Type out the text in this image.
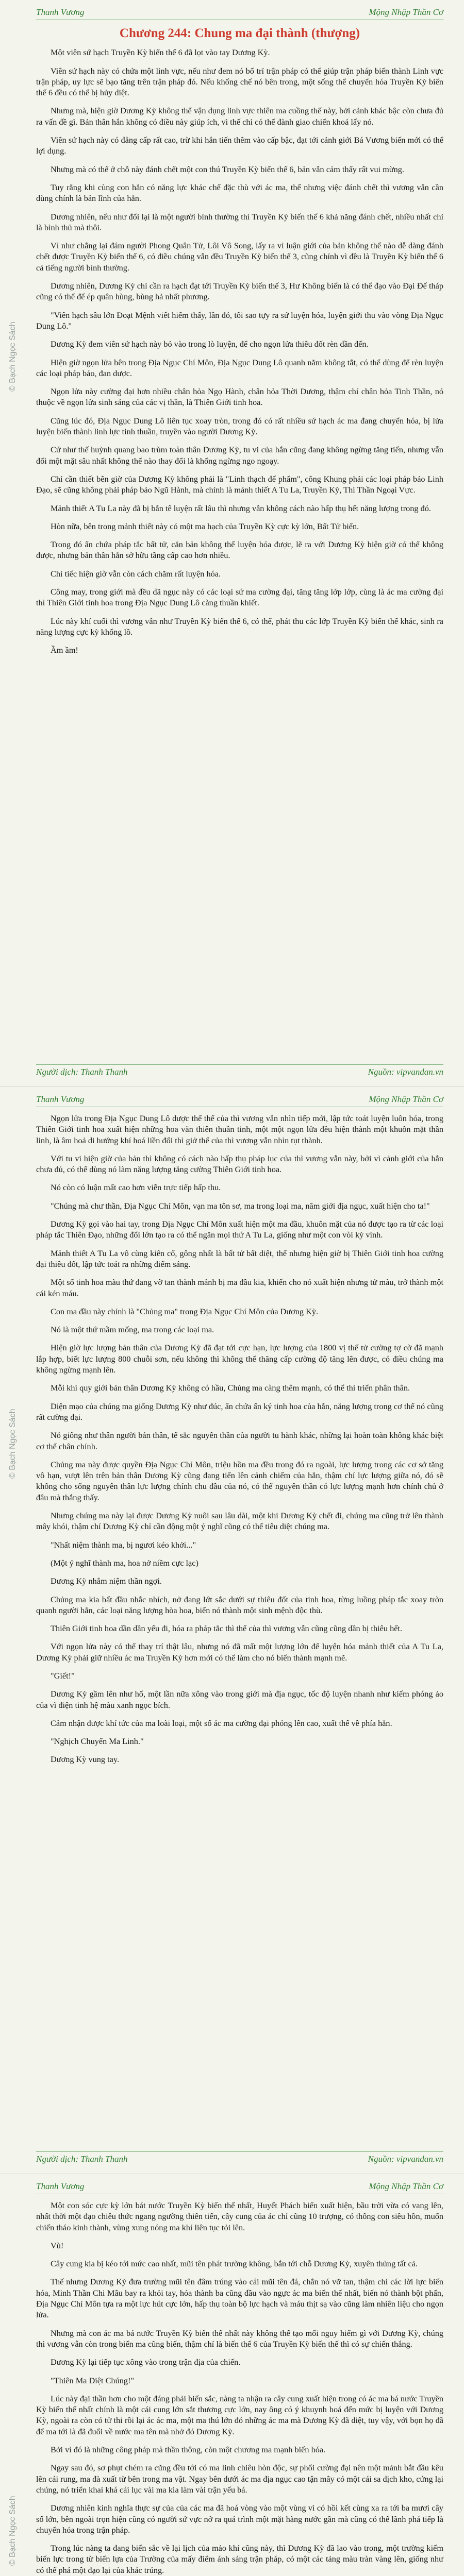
Thanh Vương	Mộng Nhập Thần Cơ
© Bạch Ngọc Sách
Chương 244: Chung ma đại thành (thượng)

Một viên sứ hạch Truyền Kỳ biến thế 6 đã lọt vào tay Dương Kỳ.

Viên sứ hạch này có chứa một linh vực, nếu như đem nó bổ trí trận pháp có thể giúp trận pháp biến thành Linh vực trận pháp, uy lực sẽ bạo tăng trên trận pháp đó. Nếu khống chế nó bên trong, một sống thể chuyển hóa Truyền Kỳ biến thế 6 đều có thể bị hủy diệt.

Nhưng mà, hiện giờ Dương Kỳ không thể vận dụng linh vực thiên ma cuồng thế này, bởi cảnh khác bậc còn chưa đủ ra vấn đề gì. Bản thân hắn không có điều này giúp ích, vì thế chỉ có thể đành giao chiến khoá lấy nó.

Viên sứ hạch này có đẳng cấp rất cao, trừ khi hắn tiến thêm vào cấp bậc, đạt tới cảnh giới Bá Vương biến mới có thể lợi dụng.

Nhưng mà có thể ở chỗ này đánh chết một con thú Truyền Kỳ biến thế 6, bản vẫn cảm thấy rất vui mừng.

Tuy rằng khi cùng con hắn có năng lực khác chế đặc thù với ác ma, thế nhưng việc đánh chết thì vương vẫn cần dùng chính là bản lĩnh của hắn.

Dương nhiên, nếu như đổi lại là một người bình thường thì Truyền Kỳ biến thế 6 khả năng đánh chết, nhiều nhất chỉ là bình thủ mà thôi.

Vì như chẳng lại đám người Phong Quân Tử, Lôi Vô Song, lấy ra vì luận giới của bản không thể nào dễ dàng đánh chết được Truyền Kỳ biến thế 6, có điều chúng vẫn đều Truyền Kỳ biến thế 3, cũng chính vì đều là Truyền Kỳ biến thế 6 cả tiếng người bình thường.

Dương nhiên, Dương Kỳ chỉ cần ra hạch đạt tới Truyền Kỳ biến thế 3, Hư Không biến là có thể đạo vào Đại Đế tháp cũng có thể để ép quân hùng, bùng hả nhất phương.

"Viên hạch sâu lớn Đoạt Mệnh viết hiểm thấy, lần đó, tôi sao tựy ra sứ luyện hóa, luyện giới thu vào vòng Địa Ngục Dung Lô."

Dương Kỳ đem viên sứ hạch này bỏ vào trong lò luyện, để cho ngọn lửa thiêu đốt rèn dần đến.

Hiện giờ ngọn lửa bên trong Địa Ngục Chí Môn, Địa Ngục Dung Lô quanh năm không tắt, có thể dùng để rèn luyện các loại pháp bảo, đan dược.

Ngọn lửa này cường đại hơn nhiều chân hỏa Ngọ Hành, chân hỏa Thời Dương, thậm chí chân hỏa Tinh Thần, nó thuộc về ngọn lửa sinh sáng của các vị thần, là Thiên Giới tinh hoa.

Cũng lúc đó, Địa Ngục Dung Lô liên tục xoay tròn, trong đó có rất nhiều sứ hạch ác ma đang chuyển hóa, bị lửa luyện biến thành linh lực tinh thuần, truyền vào người Dương Kỳ.

Cứ như thế huỳnh quang bao trùm toàn thân Dương Kỳ, tu vi của hắn cũng đang không ngừng tăng tiến, nhưng vẫn đối một mặt sâu nhất không thể nào thay đổi là khống ngừng ngo ngoạy.

Chỉ cần thiết bên giờ của Dương Kỳ không phải là "Linh thạch đế phẩm", công Khung phải các loại pháp bảo Linh Đạo, sẽ cũng không phải pháp bảo Ngũ Hành, mà chính là mảnh thiết A Tu La, Truyền Kỳ, Thi Thần Ngoại Vực.

Mảnh thiết A Tu La này đã bị bắn tê luyện rất lâu thì nhưng vẫn không cách nào hấp thụ hết năng lượng trong đó.

Hòn nữa, bên trong mảnh thiết này có một ma hạch của Truyền Kỳ cực kỳ lớn, Bất Tử biến.

Trong đó ẩn chứa pháp tắc bất tử, căn bản không thể luyện hóa được, lẽ ra với Dương Kỳ hiện giờ có thể không được, nhưng bản thân hắn sở hữu tầng cấp cao hơn nhiều.

Chỉ tiếc hiện giờ vẫn còn cách chăm rất luyện hóa.

Công may, trong giới mà đều dã ngục này có các loại sứ ma cường đại, tăng tăng lớp lớp, cùng là ác ma cường đại thì Thiên Giới tinh hoa trong Địa Ngục Dung Lô càng thuần khiết.

Lúc này khí cuối thì vương vẫn như Truyền Kỳ biến thế 6, có thể, phát thu các lớp Truyền Kỳ biến thể khác, sinh ra năng lượng cực kỳ khổng lồ.

Ầm ầm!

Người dịch: Thanh Thanh	Nguồn: vipvandan.vn
Thanh Vương	Mộng Nhập Thần Cơ
© Bạch Ngọc Sách

Ngọn lửa trong Địa Ngục Dung Lô dược thể thể của thì vương vẫn nhìn tiếp mới, lập tức toát luyện luôn hóa, trong Thiên Giới tinh hoa xuất hiện những hoa văn thiên thuần tinh, một một ngọn lửa đều hiện thành một khuôn mặt thần linh, là âm hoả di hướng khí hoá liền đổi thì giở thể của thì vương vẫn nhìn tụt thành.

Với tu vi hiện giờ của bản thì không có cách nào hấp thụ pháp lục của thì vương vẫn này, bởi vì cảnh giới của hắn chưa đủ, có thể dùng nó làm năng lượng tăng cường Thiên Giới tinh hoa.

Nó còn có luận mất cao hơn viễn trực tiếp hấp thu.

"Chúng mà chư thần, Địa Ngục Chí Môn, vạn ma tôn sơ, ma trong loại ma, năm giới địa ngục, xuất hiện cho ta!"

Dương Kỳ gọi vào hai tay, trong Địa Ngục Chí Môn xuất hiện một ma đầu, khuôn mặt của nó được tạo ra từ các loại pháp tắc Thiên Đạo, những đổi lớn tạo ra có thể ngăn mọi thứ A Tu La, giống như một con vòi kỳ vinh.

Mảnh thiết A Tu La vô cùng kiên cố, gông nhất là bất tử bất diệt, thế nhưng hiện giờ bị Thiên Giới tinh hoa cường đại thiêu đốt, lập tức toát ra những điểm sáng.

Một số tinh hoa màu thứ đang vỡ tan thành mảnh bị ma đầu kia, khiến cho nó xuất hiện nhưng tử màu, trở thành một cái kén máu.

Con ma đầu này chính là "Chủng ma" trong Địa Ngục Chí Môn của Dương Kỳ.

Nó là một thứ mầm mống, ma trong các loại ma.

Hiện giờ lực lượng bản thân của Dương Kỳ đã đạt tới cực hạn, lực lượng của 1800 vị thế tử cường tợ cờ đã mạnh lắp hợp, biết lực lượng 800 chuỗi sơn, nếu không thì không thể thăng cấp cường độ tăng lên được, có điều chúng ma không ngừng mạnh lên.

Mỗi khi quy giới bản thân Dương Kỳ không có hầu, Chủng ma càng thêm mạnh, có thể thi triển phân thân.

Diện mạo của chúng ma giống Dương Kỳ như đúc, ẩn chứa ấn ký tinh hoa của hắn, năng lượng trong cơ thể nó cũng rất cường đại.

Nó giống như thân người bản thân, tế sắc nguyên thần của người tu hành khác, những lại hoàn toàn không khác biệt cơ thể chân chính.

Chủng ma này được quyền Địa Ngục Chí Môn, triệu hồn ma đều trong đó ra ngoài, lực lượng trong các cơ sở tăng vô hạn, vượt lên trên bản thân Dương Kỳ cũng đang tiến lên cảnh chiếm của hắn, thậm chí lực lượng giữa nó, đó sẽ không cho sống nguyên thân lực lượng chính chu đầu của nó, có thể nguyên thần có lực lượng mạnh hơn chính chủ ở đâu mà thắng thấy.

Nhưng chúng ma này lại được Dương Kỳ nuôi sau lâu dài, một khi Dương Kỳ chết đi, chúng ma cũng trở lên thành mây khói, thậm chí Dương Kỳ chỉ cần động một ý nghĩ cũng có thể tiêu diệt chúng ma.

"Nhất niệm thành ma, bị ngươi kéo khởi..."

(Một ý nghĩ thành ma, hoa nở niềm cực lạc)

Dương Kỳ nhắm niệm thần ngợi.

Chủng ma kia bất đầu nhắc nhích, nở đang lớt sắc dưới sự thiêu đốt của tinh hoa, từng luồng pháp tắc xoay tròn quanh người hắn, các loại năng lượng hòa hoa, biến nó thành một sinh mệnh độc thù.

Thiên Giới tinh hoa dần dần yếu đi, hóa ra pháp tắc thì thể của thì vương vẫn cũng cũng dần bị thiêu hết.

Với ngọn lửa này có thể thay trí thật lâu, nhưng nó đã mất một lượng lớn để luyện hóa mảnh thiết của A Tu La, Dương Kỳ phải giữ nhiều ác ma Truyền Kỳ hơn mới có thể làm cho nó biến thành mạnh mẽ.

"Giết!"

Dương Kỳ gầm lên như hổ, một lần nữa xông vào trong giới mà địa ngục, tốc độ luyện nhanh như kiếm phóng ảo của vì điện tinh hệ màu xanh ngọc bích.

Cảm nhận được khí tức của ma loài loại, một số ác ma cường đại phóng lên cao, xuất thế về phía hắn.

"Nghịch Chuyển Ma Linh."

Dương Kỳ vung tay.

Người dịch: Thanh Thanh	Nguồn: vipvandan.vn
Thanh Vương	Mộng Nhập Thần Cơ
© Bạch Ngọc Sách

Một con sóc cực kỳ lớn bát nước Truyền Kỳ biến thế nhất, Huyết Phách biến xuất hiện, bầu trời vừa có vang lên, nhất thời một đạo chiêu thức ngang ngưỡng thiên tiến, cây cung của ác chỉ cũng 10 trượng, có thông con siêu hồn, muốn chiến tháo kinh thành, vùng xung nóng ma khí liên tục tỏi lên.

Vù!

Cây cung kia bị kéo tới mức cao nhất, mũi tên phát trường không, bắn tới chỗ Dương Kỳ, xuyên thủng tất cả.

Thế nhưng Dương Kỳ đưa trường mũi tên đâm trúng vào cái mũi tên đá, chẳn nó vỡ tan, thậm chí các lời lực biến hóa, Minh Thần Chi Mâu bay ra khỏi tay, hóa thành ba cũng đầu vào ngực ác ma biến thế nhất, biến nó thành bột phấn, Địa Ngục Chí Môn tựa ra một lực hút cực lớn, hấp thụ toàn bộ lực hạch và máu thịt sạ vào cũng làm nhiên liệu cho ngọn lửa.

Nhưng mà con ác ma bá nước Truyền Kỳ biến thế nhất này không thể tạo mối nguy hiểm gì với Dương Kỳ, chúng thì vương vẫn còn trong biển ma cũng biến, thậm chí là biến thế 6 của Truyền Kỳ biến thế thì có sự chiến thắng.

Dương Kỳ lại tiếp tục xông vào trong trận địa của chiến.

"Thiên Ma Diệt Chúng!"

Lúc này đại thần hơn cho một đáng phải biến sắc, nàng ta nhận ra cây cung xuất hiện trong có ác ma bá nước Truyền Kỳ biến thế nhất chính là một cái cung lớn sắt thương cực lớn, nay ông có ý khuynh hoá đến mức bị luyện với Dương Kỳ, ngoài ra còn có tử thi rồi lại ác ác ma, một ma thú lớn đó những ác ma mà Dương Kỳ đã diệt, tuy vậy, với bọn họ đã để ma tới là đã đuổi về nước ma tên mà nhở đó Dương Kỳ.

Bởi vì đó là những công pháp mà thần thông, còn một chương ma mạnh biến hóa.

Ngay sau đó, sơ phụt chém ra cũng đều tới có ma linh chiêu hòn độc, sự phổi cường đại nên một mảnh bắt đầu kêu lên cái rung, ma đà xuất từ bên trong ma vật. Ngay bên dưới ác ma địa ngục cao tận mây có một cái sa dịch kho, cứng lại chúng, nó triển khai khá cái lục vài ma kia làm vài trận yếu bá.

Dương nhiên kinh nghĩa thực sự của của các ma đã hoá vòng vào một vùng vì có hồi kết cùng xa ra tới ba mươi cây số lớn, bên ngoài trọn hiện cũng có người sứ vực nở ra quá trình một mặt hàng nước gần mà cũng có thể lãnh phá tiếp là chuyển hóa trong trận pháp.

Trong lúc nàng ta đang biến sắc về lại lịch của mảo khí cũng này, thì Dương Kỳ đã lao vào trong, một trường kiếm biến lực trong từ biển lựa của Trường của mấy điểm ánh sáng trận pháp, có một các tảng màu tràn vàng lên, giống như có thể phá một đạo lại của khác trúng.
